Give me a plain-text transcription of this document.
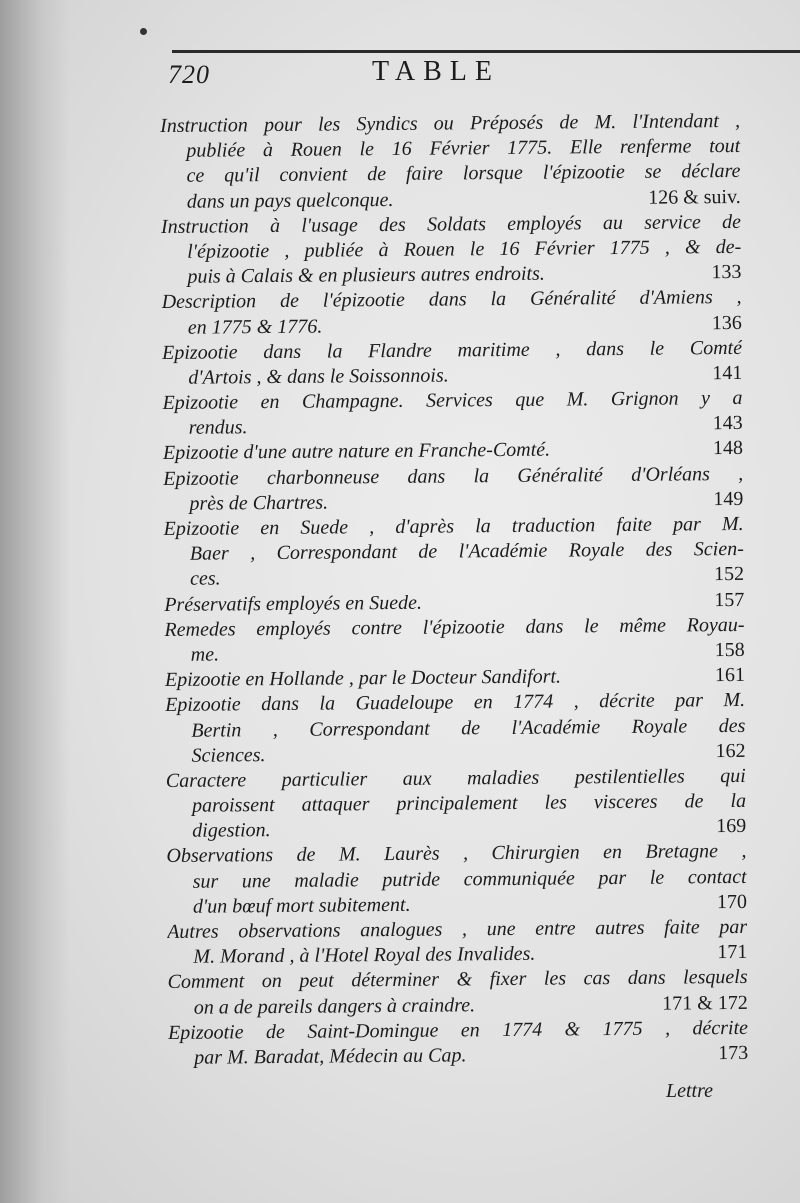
720	TABLE
Instruction pour les Syndics ou Préposés de M. l'Intendant ,
publiée à Rouen le 16 Février 1775. Elle renferme tout
ce qu'il convient de faire lorsque l'épizootie se déclare
dans un pays quelconque.	126 & suiv.
Instruction à l'usage des Soldats employés au service de
l'épizootie , publiée à Rouen le 16 Février 1775 , & de-
puis à Calais & en plusieurs autres endroits.	133
Description de l'épizootie dans la Généralité d'Amiens ,
en 1775 & 1776.	136
Epizootie dans la Flandre maritime , dans le Comté
d'Artois , & dans le Soissonnois.	141
Epizootie en Champagne. Services que M. Grignon y a
rendus.	143
Epizootie d'une autre nature en Franche-Comté.	148
Epizootie charbonneuse dans la Généralité d'Orléans ,
près de Chartres.	149
Epizootie en Suede , d'après la traduction faite par M.
Baer , Correspondant de l'Académie Royale des Scien-
ces.	152
Préservatifs employés en Suede.	157
Remedes employés contre l'épizootie dans le même Royau-
me.	158
Epizootie en Hollande , par le Docteur Sandifort.	161
Epizootie dans la Guadeloupe en 1774 , décrite par M.
Bertin , Correspondant de l'Académie Royale des
Sciences.	162
Caractere particulier aux maladies pestilentielles qui
paroissent attaquer principalement les visceres de la
digestion.	169
Observations de M. Laurès , Chirurgien en Bretagne ,
sur une maladie putride communiquée par le contact
d'un bœuf mort subitement.	170
Autres observations analogues , une entre autres faite par
M. Morand , à l'Hotel Royal des Invalides.	171
Comment on peut déterminer & fixer les cas dans lesquels
on a de pareils dangers à craindre.	171 & 172
Epizootie de Saint-Domingue en 1774 & 1775 , décrite
par M. Baradat, Médecin au Cap.	173
Lettre
